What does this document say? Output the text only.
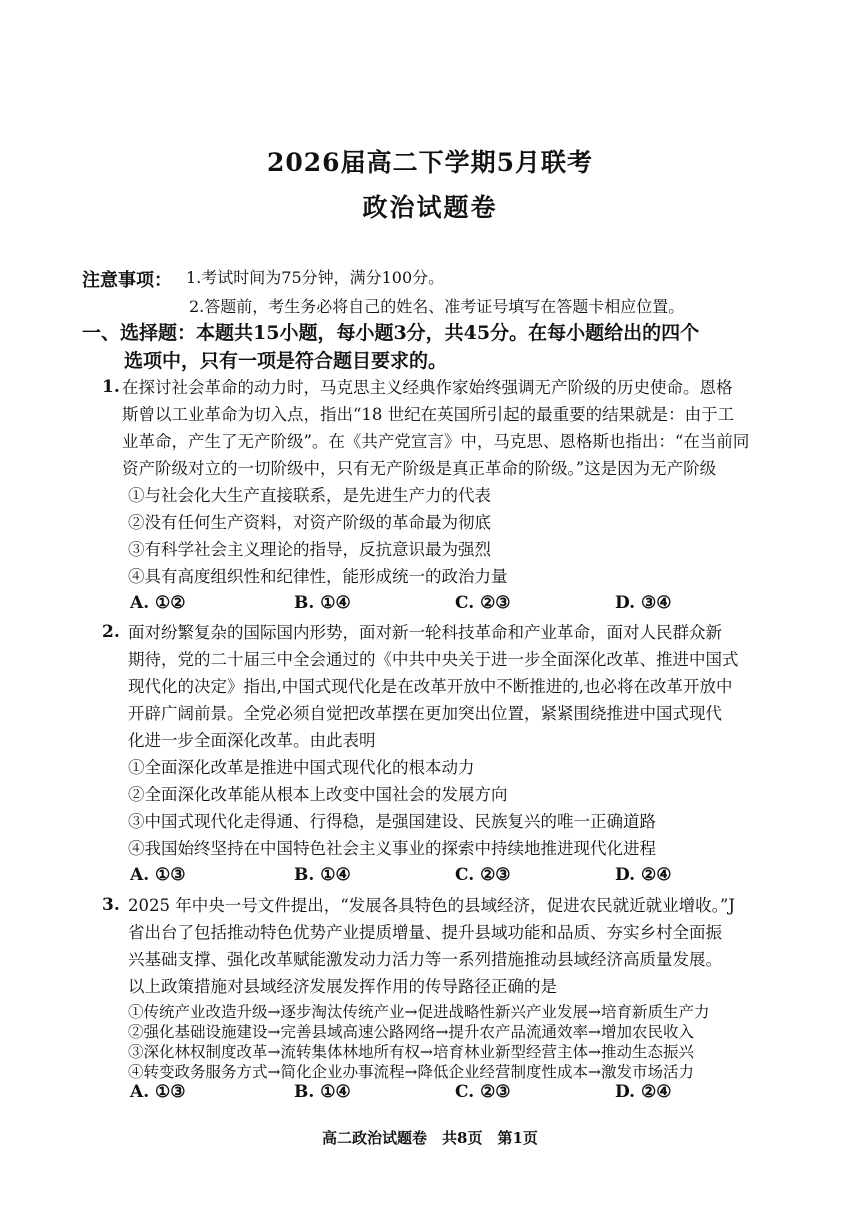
2026届高二下学期5月联考
政治试题卷
注意事项： 1.考试时间为75分钟，满分100分。
2.答题前，考生务必将自己的姓名、准考证号填写在答题卡相应位置。
一、选择题：本题共15小题，每小题3分，共45分。在每小题给出的四个
选项中，只有一项是符合题目要求的。
1. 在探讨社会革命的动力时，马克思主义经典作家始终强调无产阶级的历史使命。恩格
斯曾以工业革命为切入点，指出“18 世纪在英国所引起的最重要的结果就是：由于工
业革命，产生了无产阶级”。在《共产党宣言》中，马克思、恩格斯也指出：“在当前同
资产阶级对立的一切阶级中，只有无产阶级是真正革命的阶级。”这是因为无产阶级
①与社会化大生产直接联系，是先进生产力的代表
②没有任何生产资料，对资产阶级的革命最为彻底
③有科学社会主义理论的指导，反抗意识最为强烈
④具有高度组织性和纪律性，能形成统一的政治力量
A. ①②	B. ①④	C. ②③	D. ③④
2. 面对纷繁复杂的国际国内形势，面对新一轮科技革命和产业革命，面对人民群众新
期待，党的二十届三中全会通过的《中共中央关于进一步全面深化改革、推进中国式
现代化的决定》指出,中国式现代化是在改革开放中不断推进的,也必将在改革开放中
开辟广阔前景。全党必须自觉把改革摆在更加突出位置，紧紧围绕推进中国式现代
化进一步全面深化改革。由此表明
①全面深化改革是推进中国式现代化的根本动力
②全面深化改革能从根本上改变中国社会的发展方向
③中国式现代化走得通、行得稳，是强国建设、民族复兴的唯一正确道路
④我国始终坚持在中国特色社会主义事业的探索中持续地推进现代化进程
A. ①③	B. ①④	C. ②③	D. ②④
3. 2025 年中央一号文件提出，“发展各具特色的县域经济，促进农民就近就业增收。”J
省出台了包括推动特色优势产业提质增量、提升县域功能和品质、夯实乡村全面振
兴基础支撑、强化改革赋能激发动力活力等一系列措施推动县域经济高质量发展。
以上政策措施对县域经济发展发挥作用的传导路径正确的是
①传统产业改造升级→逐步淘汰传统产业→促进战略性新兴产业发展→培育新质生产力
②强化基础设施建设→完善县域高速公路网络→提升农产品流通效率→增加农民收入
③深化林权制度改革→流转集体林地所有权→培育林业新型经营主体→推动生态振兴
④转变政务服务方式→简化企业办事流程→降低企业经营制度性成本→激发市场活力
A. ①③	B. ①④	C. ②③	D. ②④
高二政治试题卷　共8页　第1页
